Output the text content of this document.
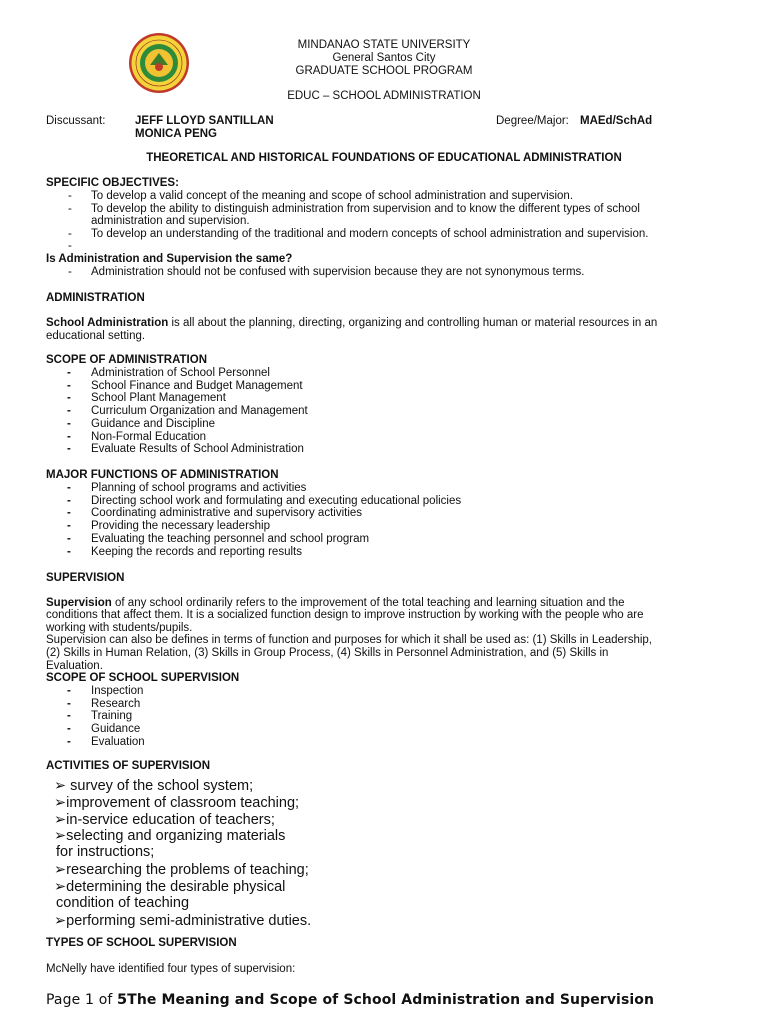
MINDANAO STATE UNIVERSITY
General Santos City
GRADUATE SCHOOL PROGRAM
EDUC – SCHOOL ADMINISTRATION
Discussant:	JEFF LLOYD SANTILLAN
MONICA PENG
Degree/Major: MAEd/SchAd
THEORETICAL AND HISTORICAL FOUNDATIONS OF EDUCATIONAL ADMINISTRATION
SPECIFIC OBJECTIVES:
- To develop a valid concept of the meaning and scope of school administration and supervision.
- To develop the ability to distinguish administration from supervision and to know the different types of school
administration and supervision.
- To develop an understanding of the traditional and modern concepts of school administration and supervision.
-
Is Administration and Supervision the same?
- Administration should not be confused with supervision because they are not synonymous terms.
ADMINISTRATION
School Administration is all about the planning, directing, organizing and controlling human or material resources in an
educational setting.
SCOPE OF ADMINISTRATION
- Administration of School Personnel
- School Finance and Budget Management
- School Plant Management
- Curriculum Organization and Management
- Guidance and Discipline
- Non-Formal Education
- Evaluate Results of School Administration
MAJOR FUNCTIONS OF ADMINISTRATION
- Planning of school programs and activities
- Directing school work and formulating and executing educational policies
- Coordinating administrative and supervisory activities
- Providing the necessary leadership
- Evaluating the teaching personnel and school program
- Keeping the records and reporting results
SUPERVISION
Supervision of any school ordinarily refers to the improvement of the total teaching and learning situation and the
conditions that affect them. It is a socialized function design to improve instruction by working with the people who are
working with students/pupils.
Supervision can also be defines in terms of function and purposes for which it shall be used as: (1) Skills in Leadership,
(2) Skills in Human Relation, (3) Skills in Group Process, (4) Skills in Personnel Administration, and (5) Skills in
Evaluation.
SCOPE OF SCHOOL SUPERVISION
- Inspection
- Research
- Training
- Guidance
- Evaluation
ACTIVITIES OF SUPERVISION
➢ survey of the school system;
➢improvement of classroom teaching;
➢in-service education of teachers;
➢selecting and organizing materials
for instructions;
➢researching the problems of teaching;
➢determining the desirable physical
condition of teaching
➢performing semi-administrative duties.
TYPES OF SCHOOL SUPERVISION
McNelly have identified four types of supervision:
Page 1 of 5The Meaning and Scope of School Administration and Supervision
